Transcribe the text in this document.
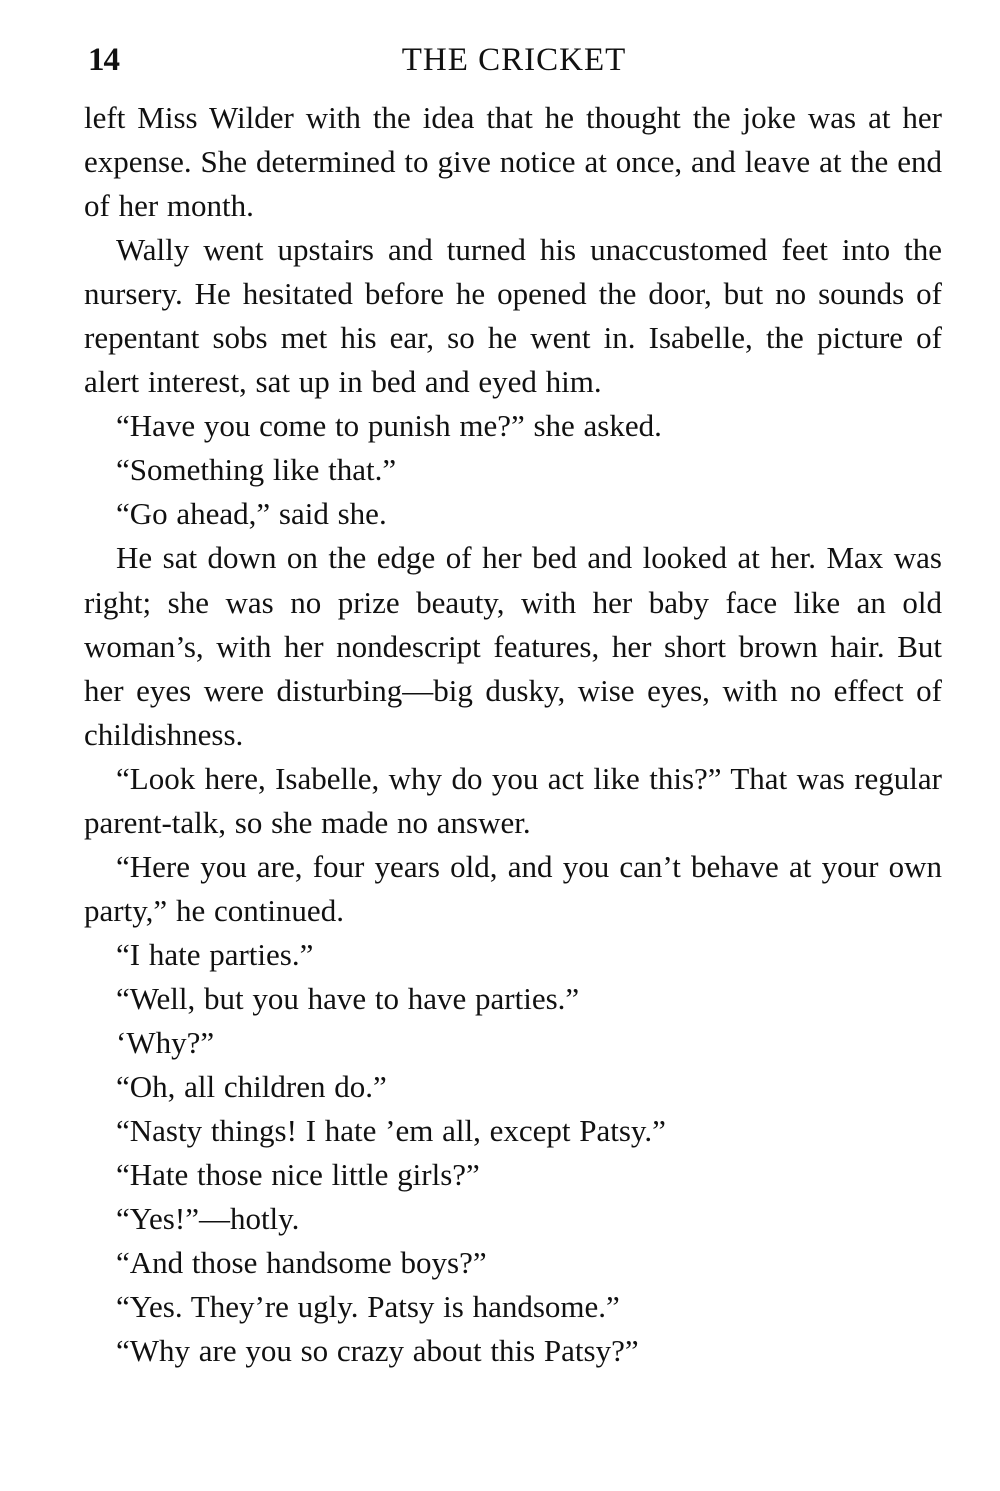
14	THE CRICKET

left Miss Wilder with the idea that he thought the joke was at her expense. She determined to give notice at once, and leave at the end of her month.

Wally went upstairs and turned his unaccustomed feet into the nursery. He hesitated before he opened the door, but no sounds of repentant sobs met his ear, so he went in. Isabelle, the picture of alert interest, sat up in bed and eyed him.

“Have you come to punish me?” she asked.

“Something like that.”

“Go ahead,” said she.

He sat down on the edge of her bed and looked at her. Max was right; she was no prize beauty, with her baby face like an old woman’s, with her nondescript features, her short brown hair. But her eyes were disturbing—big dusky, wise eyes, with no effect of childishness.

“Look here, Isabelle, why do you act like this?” That was regular parent-talk, so she made no answer.

“Here you are, four years old, and you can’t behave at your own party,” he continued.

“I hate parties.”

“Well, but you have to have parties.”

‘Why?”

“Oh, all children do.”

“Nasty things! I hate ’em all, except Patsy.”

“Hate those nice little girls?”

“Yes!”—hotly.

“And those handsome boys?”

“Yes. They’re ugly. Patsy is handsome.”

“Why are you so crazy about this Patsy?”
